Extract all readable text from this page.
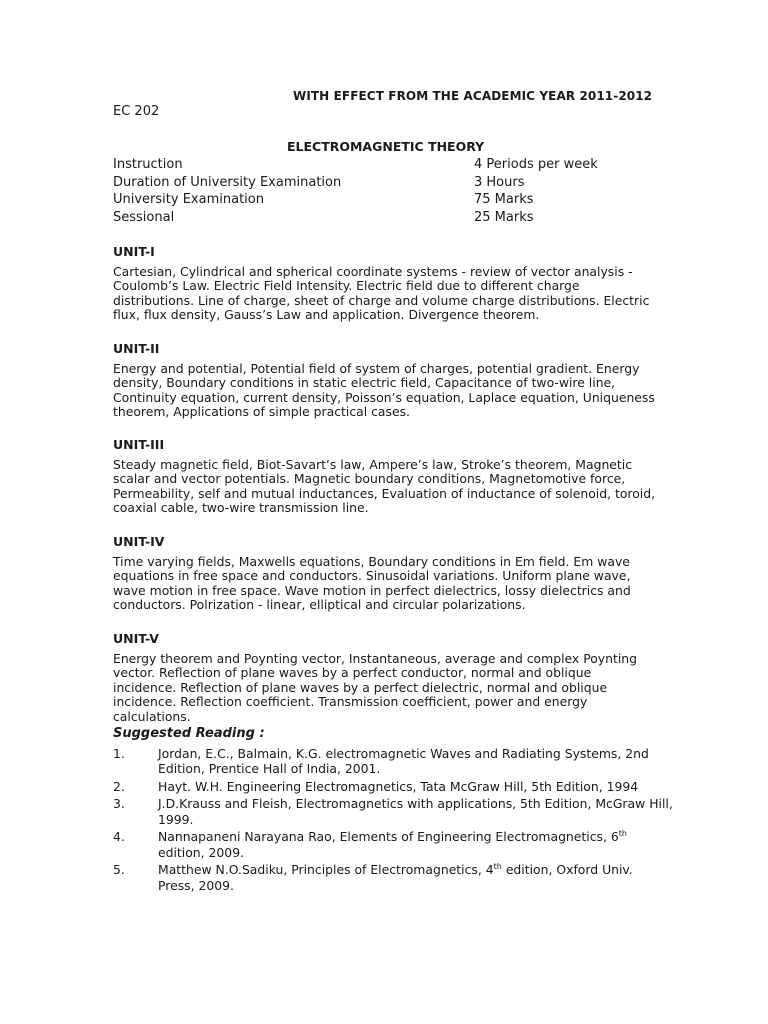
WITH EFFECT FROM THE ACADEMIC YEAR 2011-2012
EC 202
ELECTROMAGNETIC THEORY
Instruction	4 Periods per week
Duration of University Examination	3 Hours
University Examination	75 Marks
Sessional	25 Marks
UNIT-I

Cartesian, Cylindrical and spherical coordinate systems - review of vector analysis - Coulomb’s Law. Electric Field Intensity. Electric field due to different charge distributions. Line of charge, sheet of charge and volume charge distributions. Electric flux, flux density, Gauss’s Law and application. Divergence theorem.

UNIT-II

Energy and potential, Potential field of system of charges, potential gradient. Energy density, Boundary conditions in static electric field, Capacitance of two-wire line, Continuity equation, current density, Poisson’s equation, Laplace equation, Uniqueness theorem, Applications of simple practical cases.

UNIT-III

Steady magnetic field, Biot-Savart’s law, Ampere’s law, Stroke’s theorem, Magnetic scalar and vector potentials. Magnetic boundary conditions, Magnetomotive force, Permeability, self and mutual inductances, Evaluation of inductance of solenoid, toroid, coaxial cable, two-wire transmission line.

UNIT-IV

Time varying fields, Maxwells equations, Boundary conditions in Em field. Em wave equations in free space and conductors. Sinusoidal variations. Uniform plane wave, wave motion in free space. Wave motion in perfect dielectrics, lossy dielectrics and conductors. Polrization - linear, elliptical and circular polarizations.

UNIT-V

Energy theorem and Poynting vector, Instantaneous, average and complex Poynting vector. Reflection of plane waves by a perfect conductor, normal and oblique incidence. Reflection of plane waves by a perfect dielectric, normal and oblique incidence. Reflection coefficient. Transmission coefficient, power and energy calculations.

Suggested Reading :
1.	Jordan, E.C., Balmain, K.G. electromagnetic Waves and Radiating Systems, 2nd Edition, Prentice Hall of India, 2001.
2.	Hayt. W.H. Engineering Electromagnetics, Tata McGraw Hill, 5th Edition, 1994
3.	J.D.Krauss and Fleish, Electromagnetics with applications, 5th Edition, McGraw Hill, 1999.
4.	Nannapaneni Narayana Rao, Elements of Engineering Electromagnetics, 6th edition, 2009.
5.	Matthew N.O.Sadiku, Principles of Electromagnetics, 4th edition, Oxford Univ. Press, 2009.
